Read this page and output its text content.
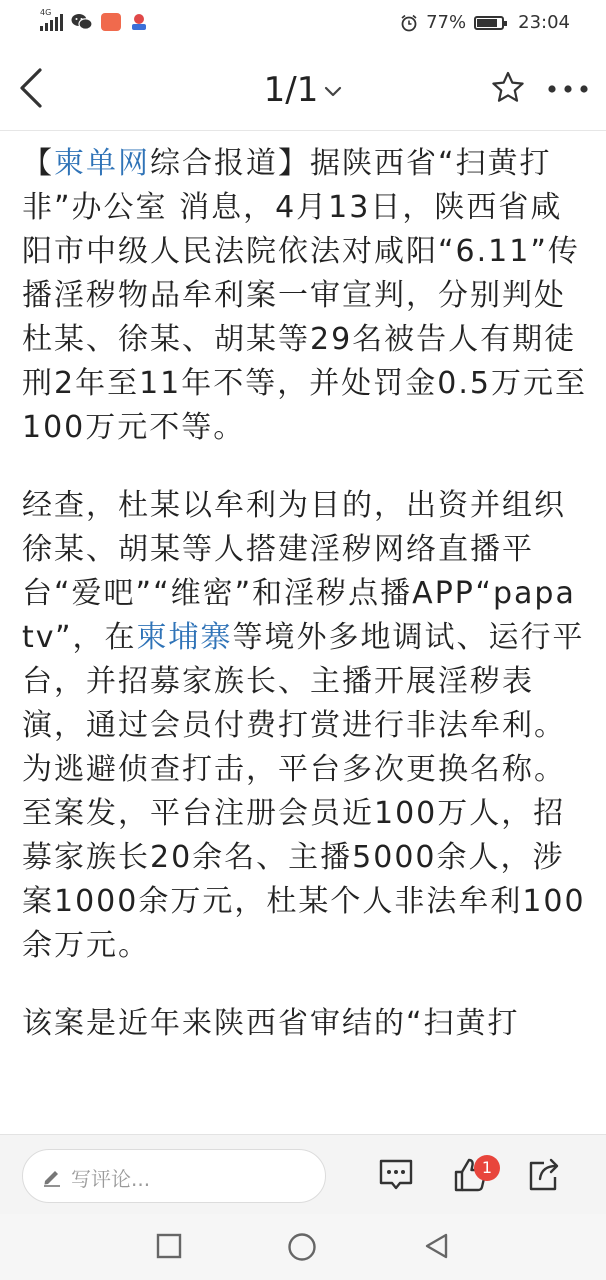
4G	77%	23:04
1/1

【柬单网综合报道】据陕西省“扫黄打非”办公室 消息，4月13日，陕西省咸阳市中级人民法院依法对咸阳“6.11”传播淫秽物品牟利案一审宣判，分别判处杜某、徐某、胡某等29名被告人有期徒刑2年至11年不等，并处罚金0.5万元至100万元不等。

经查，杜某以牟利为目的，出资并组织徐某、胡某等人搭建淫秽网络直播平台“爱吧”“维密”和淫秽点播APP“papatv”，在柬埔寨等境外多地调试、运行平台，并招募家族长、主播开展淫秽表演，通过会员付费打赏进行非法牟利。为逃避侦查打击，平台多次更换名称。至案发，平台注册会员近100万人，招募家族长20余名、主播5000余人，涉案1000余万元，杜某个人非法牟利100余万元。

该案是近年来陕西省审结的“扫黄打

写评论...	1
